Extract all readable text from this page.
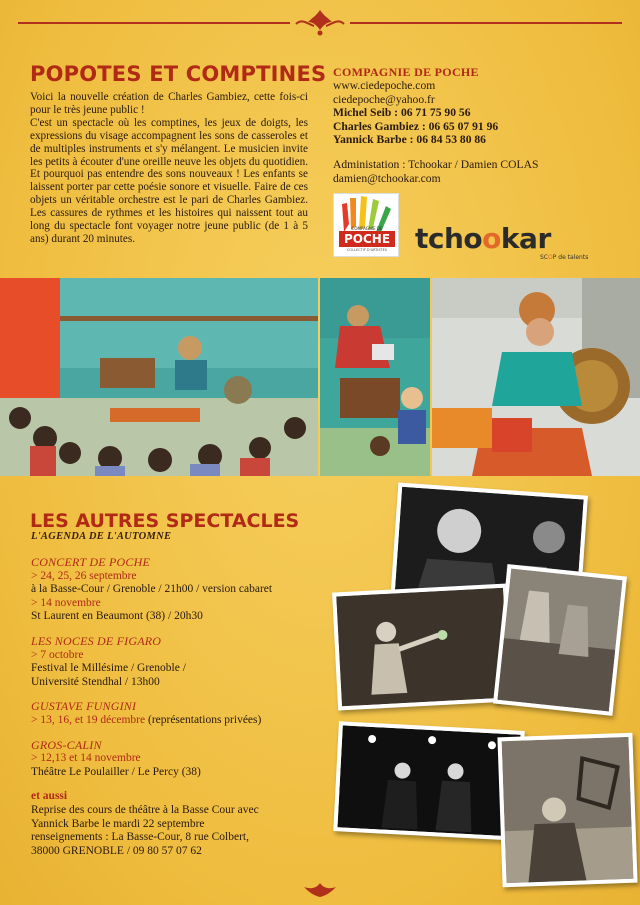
POPOTES ET COMPTINES

Voici la nouvelle création de Charles Gambiez, cette fois-ci pour le très jeune public !

C'est un spectacle où les comptines, les jeux de doigts, les expressions du visage accompagnent les sons de casseroles et de multiples instruments et s'y mélangent. Le musicien invite les petits à écouter d'une oreille neuve les objets du quotidien. Et pourquoi pas entendre des sons nouveaux ! Les enfants se laissent porter par cette poésie sonore et visuelle. Faire de ces objets un véritable orchestre est le pari de Charles Gambiez. Les cassures de rythmes et les histoires qui naissent tout au long du spectacle font voyager notre jeune public (de 1 à 5 ans) durant 20 minutes.

COMPAGNIE DE POCHE
www.ciedepoche.com
ciedepoche@yahoo.fr
Michel Seib : 06 71 75 90 56
Charles Gambiez : 06 65 07 91 96
Yannick Barbe : 06 84 53 80 86
Administation : Tchookar / Damien COLAS
damien@tchookar.com
COMPAGNIE DE
POCHE
COLLECTIF D'ARTISTES tchookar
SCOP de talents
LES AUTRES SPECTACLES
L'AGENDA DE L'AUTOMNE
CONCERT DE POCHE
> 24, 25, 26 septembre
à la Basse-Cour / Grenoble / 21h00 / version cabaret
> 14 novembre
St Laurent en Beaumont (38) / 20h30
LES NOCES DE FIGARO
> 7 octobre
Festival le Millésime / Grenoble /
Université Stendhal / 13h00
GUSTAVE FUNGINI
> 13, 16, et 19 décembre (représentations privées)
GROS-CALIN
> 12,13 et 14 novembre
Théâtre Le Poulailler / Le Percy (38)
et aussi
Reprise des cours de théâtre à la Basse Cour avec
Yannick Barbe le mardi 22 septembre
renseignements : La Basse-Cour, 8 rue Colbert,
38000 GRENOBLE / 09 80 57 07 62
